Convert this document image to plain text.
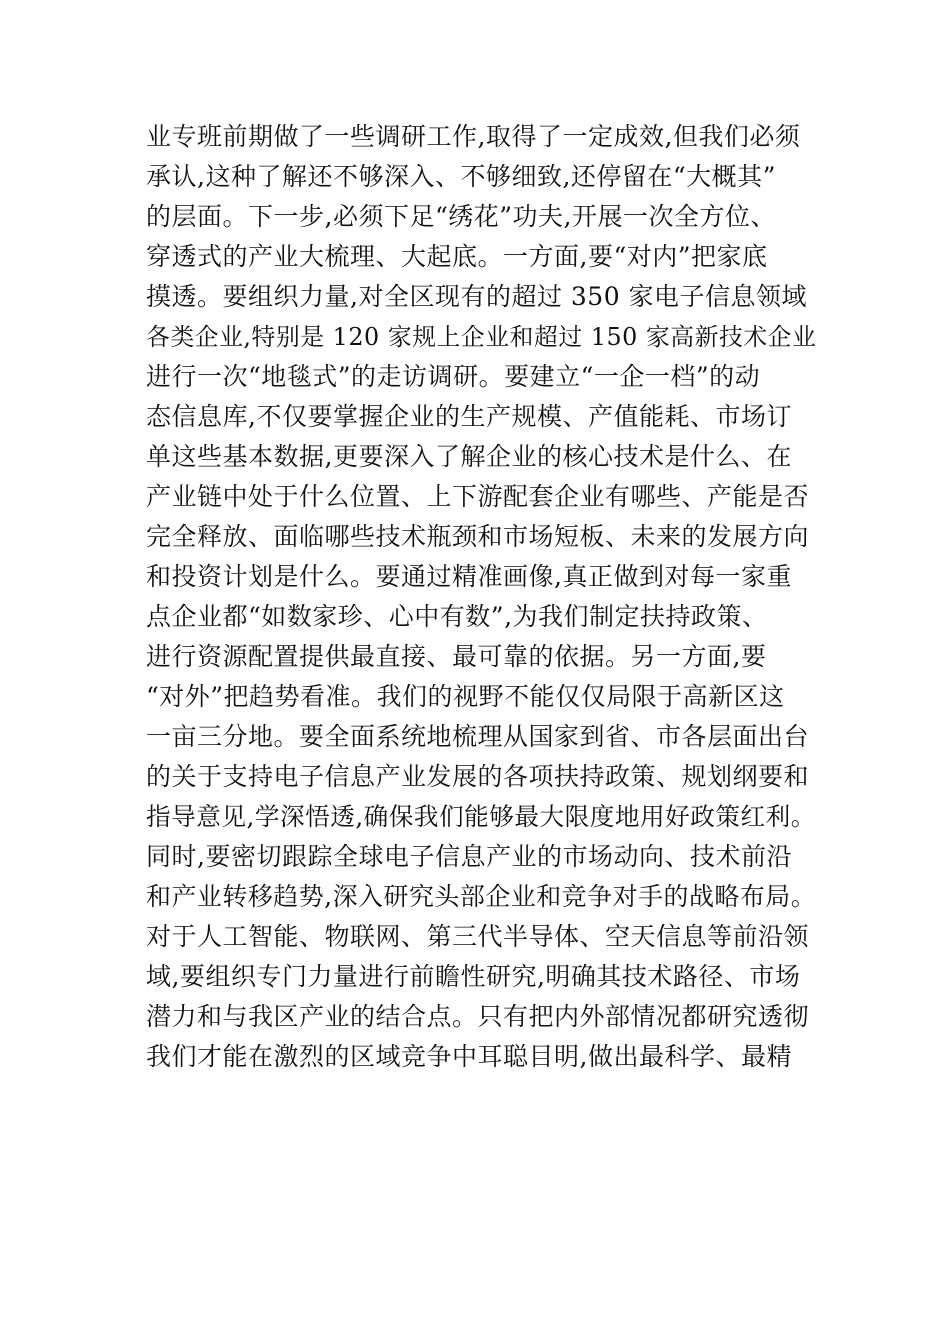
业专班前期做了一些调研工作,取得了一定成效,但我们必须
承认,这种了解还不够深入、不够细致,还停留在“大概其”
的层面。下一步,必须下足“绣花”功夫,开展一次全方位、
穿透式的产业大梳理、大起底。一方面,要“对内”把家底
摸透。要组织力量,对全区现有的超过 350 家电子信息领域
各类企业,特别是 120 家规上企业和超过 150 家高新技术企业
进行一次“地毯式”的走访调研。要建立“一企一档”的动
态信息库,不仅要掌握企业的生产规模、产值能耗、市场订
单这些基本数据,更要深入了解企业的核心技术是什么、在
产业链中处于什么位置、上下游配套企业有哪些、产能是否
完全释放、面临哪些技术瓶颈和市场短板、未来的发展方向
和投资计划是什么。要通过精准画像,真正做到对每一家重
点企业都“如数家珍、心中有数”,为我们制定扶持政策、
进行资源配置提供最直接、最可靠的依据。另一方面,要
“对外”把趋势看准。我们的视野不能仅仅局限于高新区这
一亩三分地。要全面系统地梳理从国家到省、市各层面出台
的关于支持电子信息产业发展的各项扶持政策、规划纲要和
指导意见,学深悟透,确保我们能够最大限度地用好政策红利。
同时,要密切跟踪全球电子信息产业的市场动向、技术前沿
和产业转移趋势,深入研究头部企业和竞争对手的战略布局。
对于人工智能、物联网、第三代半导体、空天信息等前沿领
域,要组织专门力量进行前瞻性研究,明确其技术路径、市场
潜力和与我区产业的结合点。只有把内外部情况都研究透彻
我们才能在激烈的区域竞争中耳聪目明,做出最科学、最精
